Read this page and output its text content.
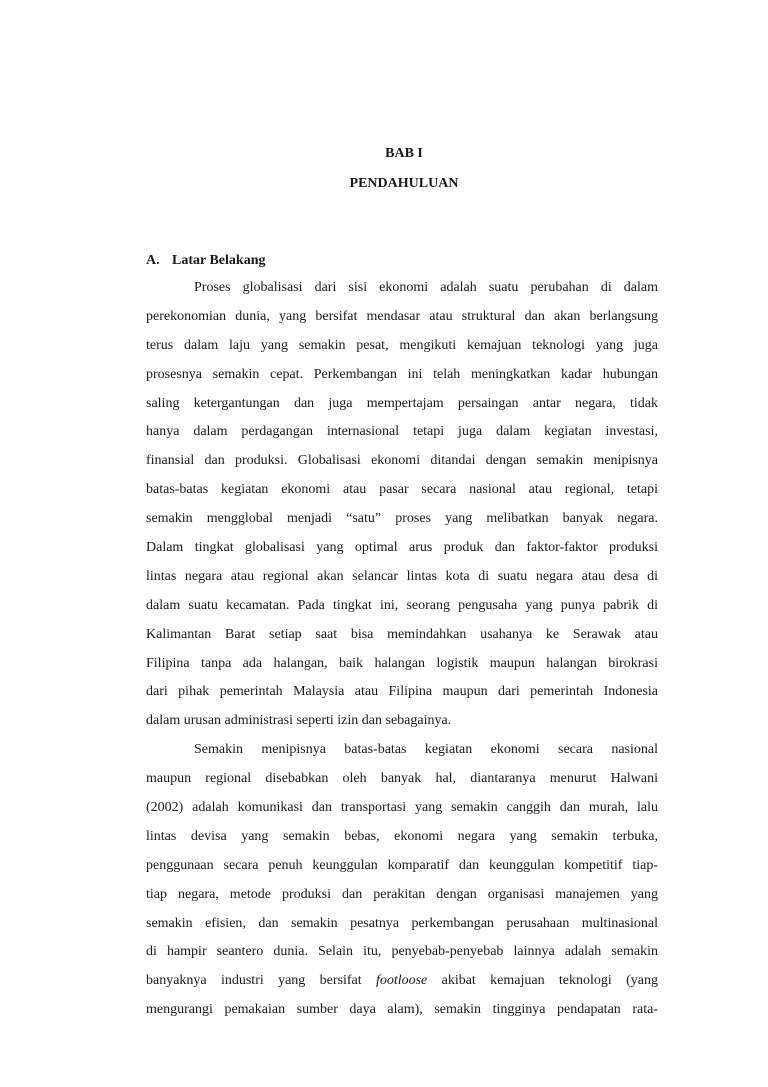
BAB I
PENDAHULUAN
A. Latar Belakang
Proses globalisasi dari sisi ekonomi adalah suatu perubahan di dalam
perekonomian dunia, yang bersifat mendasar atau struktural dan akan berlangsung
terus dalam laju yang semakin pesat, mengikuti kemajuan teknologi yang juga
prosesnya semakin cepat. Perkembangan ini telah meningkatkan kadar hubungan
saling ketergantungan dan juga mempertajam persaingan antar negara, tidak
hanya dalam perdagangan internasional tetapi juga dalam kegiatan investasi,
finansial dan produksi. Globalisasi ekonomi ditandai dengan semakin menipisnya
batas-batas kegiatan ekonomi atau pasar secara nasional atau regional, tetapi
semakin mengglobal menjadi “satu” proses yang melibatkan banyak negara.
Dalam tingkat globalisasi yang optimal arus produk dan faktor-faktor produksi
lintas negara atau regional akan selancar lintas kota di suatu negara atau desa di
dalam suatu kecamatan. Pada tingkat ini, seorang pengusaha yang punya pabrik di
Kalimantan Barat setiap saat bisa memindahkan usahanya ke Serawak atau
Filipina tanpa ada halangan, baik halangan logistik maupun halangan birokrasi
dari pihak pemerintah Malaysia atau Filipina maupun dari pemerintah Indonesia
dalam urusan administrasi seperti izin dan sebagainya.
Semakin menipisnya batas-batas kegiatan ekonomi secara nasional
maupun regional disebabkan oleh banyak hal, diantaranya menurut Halwani
(2002) adalah komunikasi dan transportasi yang semakin canggih dan murah, lalu
lintas devisa yang semakin bebas, ekonomi negara yang semakin terbuka,
penggunaan secara penuh keunggulan komparatif dan keunggulan kompetitif tiap-
tiap negara, metode produksi dan perakitan dengan organisasi manajemen yang
semakin efisien, dan semakin pesatnya perkembangan perusahaan multinasional
di hampir seantero dunia. Selain itu, penyebab-penyebab lainnya adalah semakin
banyaknya industri yang bersifat footloose akibat kemajuan teknologi (yang
mengurangi pemakaian sumber daya alam), semakin tingginya pendapatan rata-
